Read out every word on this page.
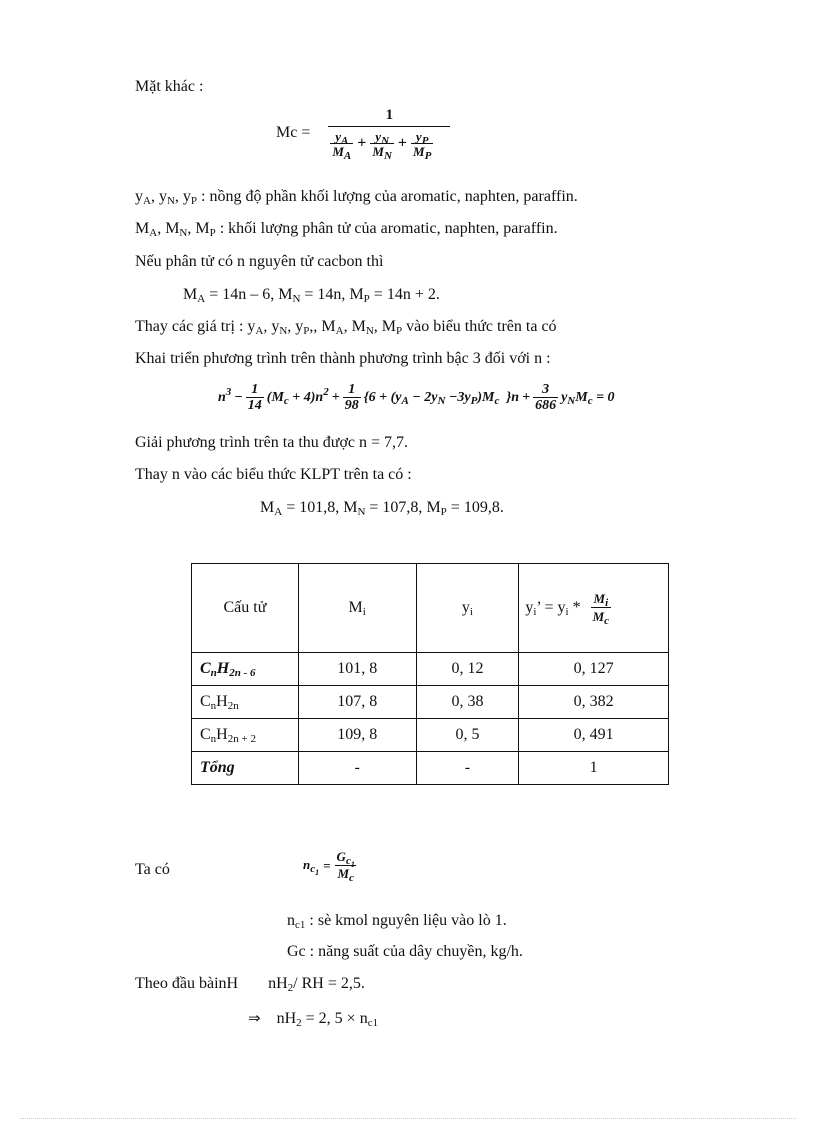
Mặt khác :
$Mc = \frac{1}{\frac{y_A}{M_A} + \frac{y_N}{M_N} + \frac{y_P}{M_P}}$
$y_A$, $y_N$, $y_P$ : nồng độ phần khối lượng của aromatic, naphten, paraffin.
$M_A$, $M_N$, $M_P$ : khối lượng phân tử của aromatic, naphten, paraffin.
Nếu phân tử có n nguyên tử cacbon thì
$M_A = 14n - 6$, $M_N = 14n$, $M_P = 14n + 2$.
Thay các giá trị : $y_A$, $y_N$, $y_P$,, $M_A$, $M_N$, $M_P$ vào biểu thức trên ta có
Khai triển phương trình trên thành phương trình bậc 3 đối với n :
$n^3 - \frac{1}{14} (M_c + 4)n^2 + \frac{1}{98} \{6 + (y_A - 2y_N -3y_P)M_c$  }$n + \frac{3}{686} y_NM_c = 0$
Giải phương trình trên ta thu được n = 7,7.
Thay n vào các biểu thức KLPT trên ta có :
$M_A = 101,8$, $M_N = 107,8$, $M_P = 109,8$.
Cấu tử	$M_i$	$y_i$	$y_i$’ = $y_i * \frac{M_i}{M_c}$

$C_nH_{2n - 6}$	101, 8	0, 12	0, 127
$C_nH_{2n}$	107, 8	0, 38	0, 382
$C_nH_{2n + 2}$	109, 8	0, 5	0, 491
Tổng	-	-	1
Ta có	$n_{c_1} = \frac{G_{c_1}}{M_c}$
$n_{c1}$ : sè kmol nguyên liệu vào lò 1.
Gc : năng suất của dây chuyền, kg/h.
Theo đầu bàinH $nH_2/$ RH = 2,5.
⇒ $nH_2 = 2$, $5 \times n_{c1}$
